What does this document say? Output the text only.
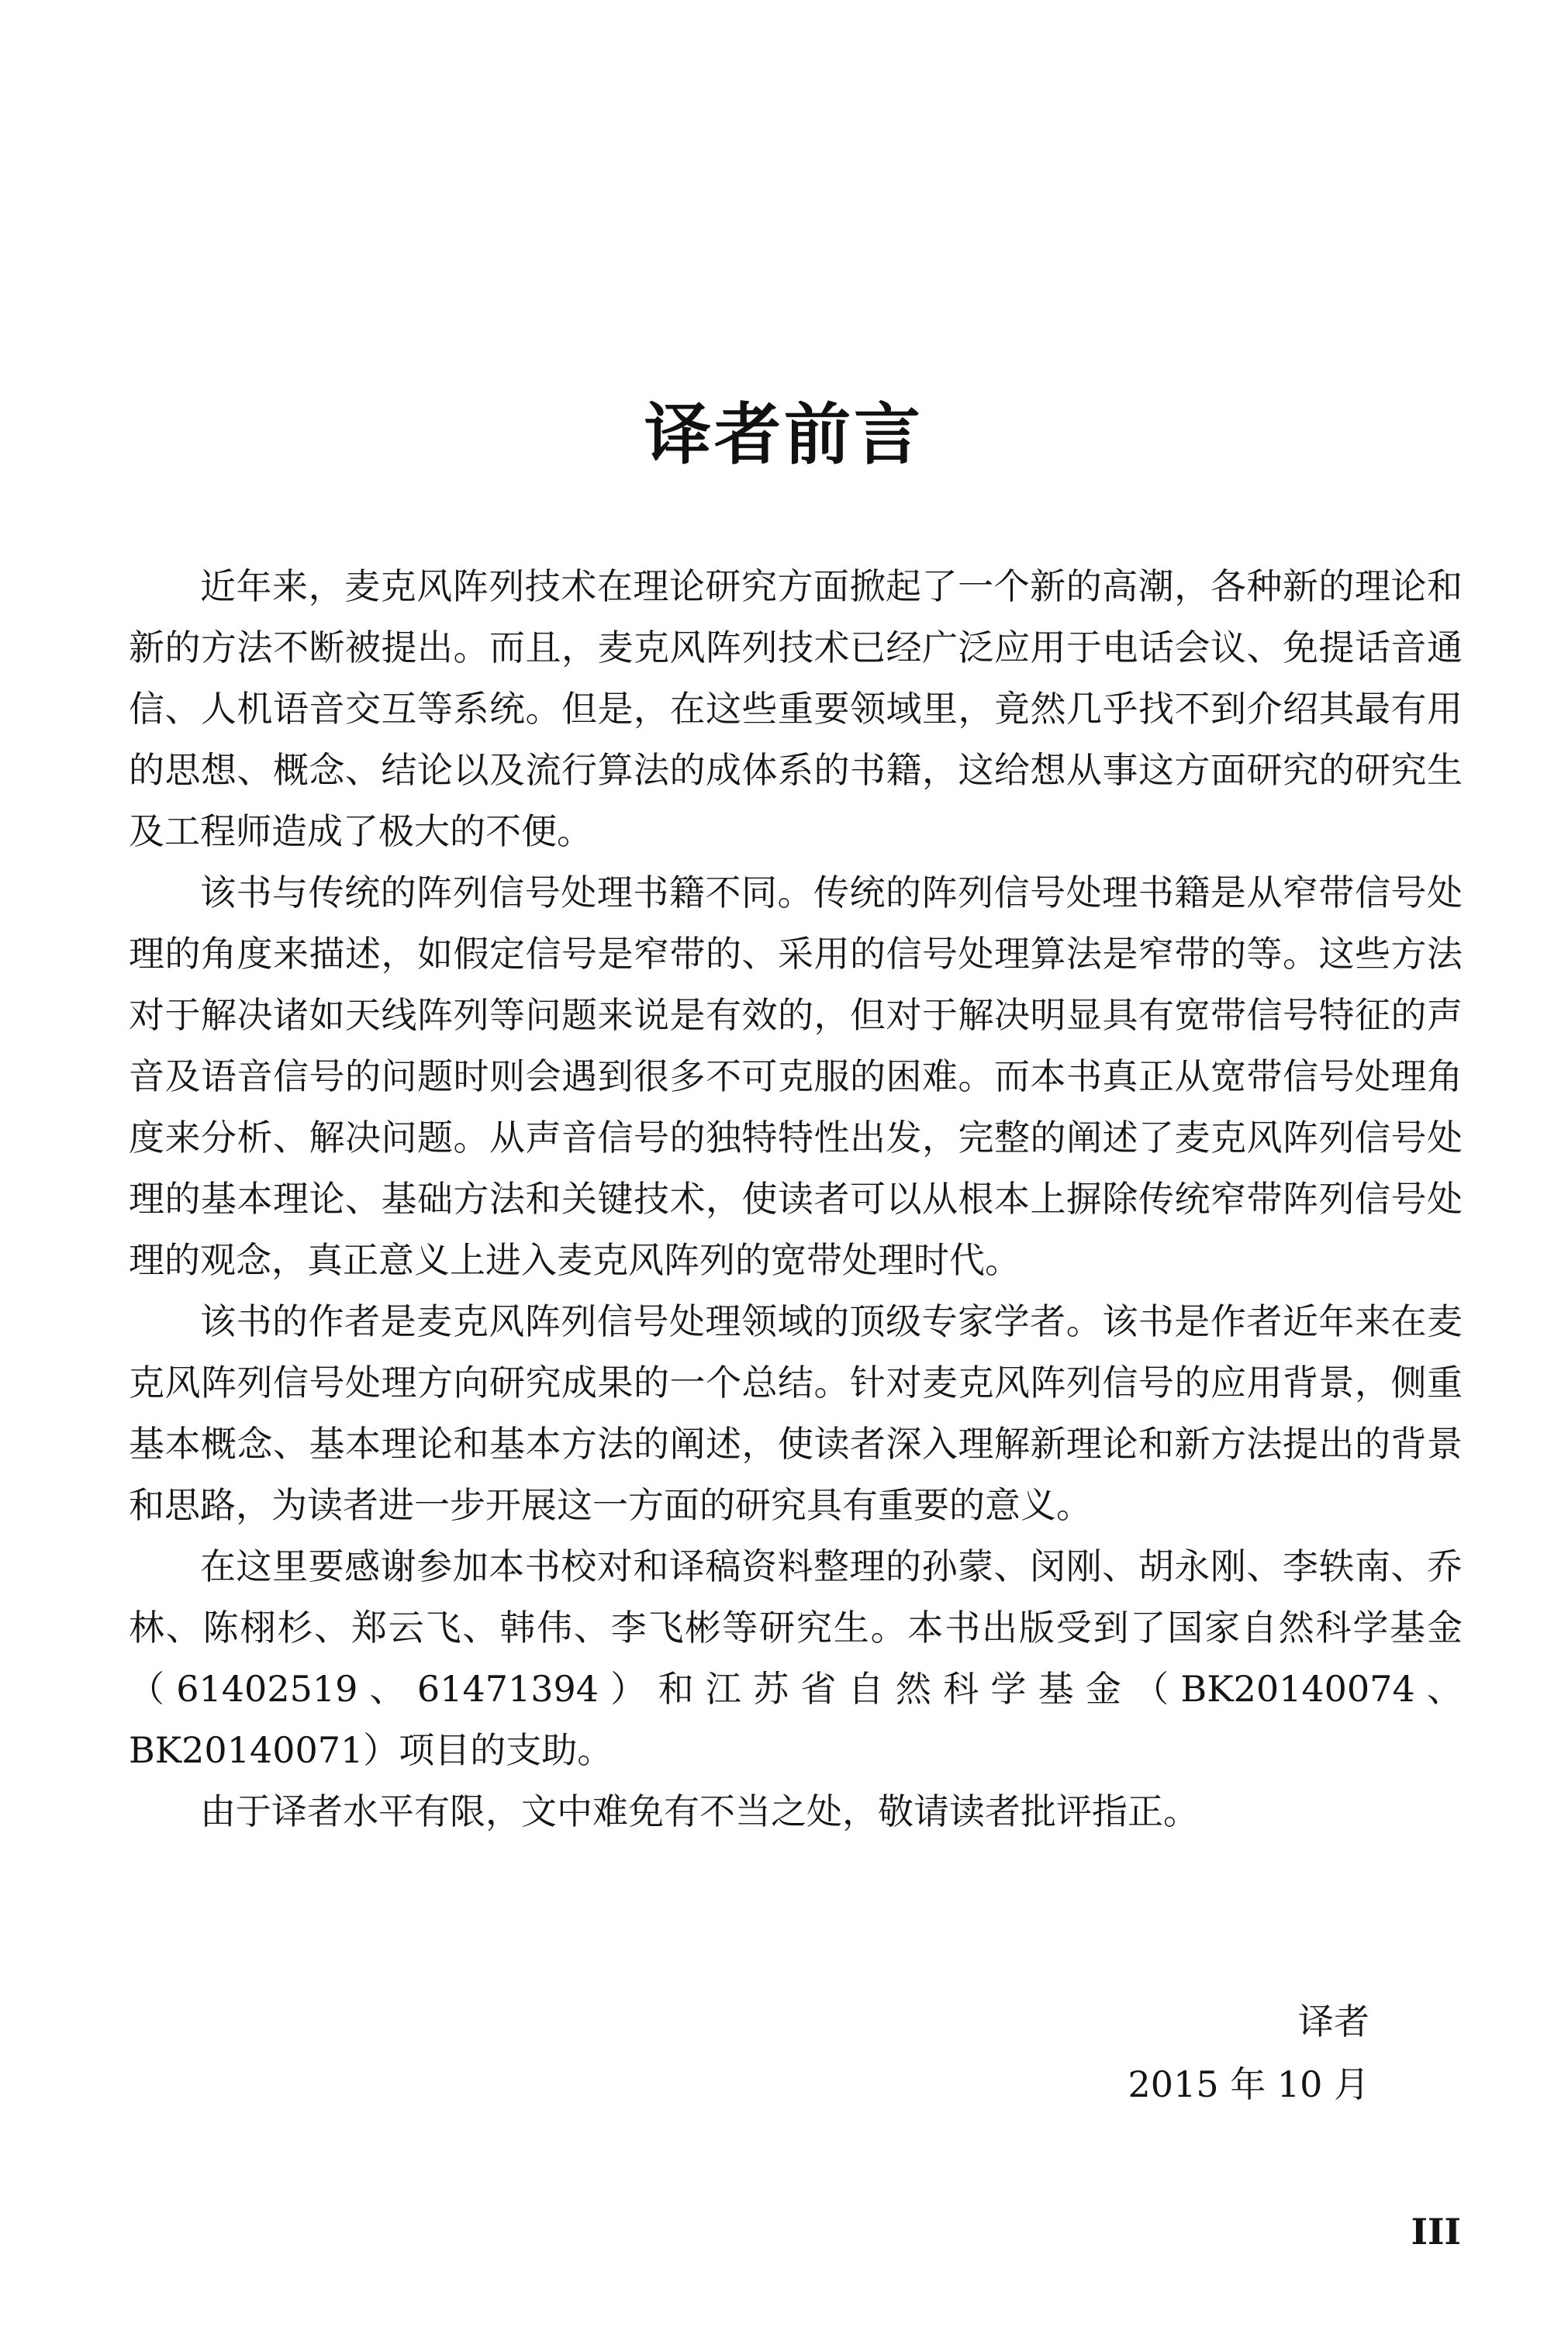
译者前言

近年来，麦克风阵列技术在理论研究方面掀起了一个新的高潮，各种新的理论和新的方法不断被提出。而且，麦克风阵列技术已经广泛应用于电话会议、免提话音通信、人机语音交互等系统。但是，在这些重要领域里，竟然几乎找不到介绍其最有用的思想、概念、结论以及流行算法的成体系的书籍，这给想从事这方面研究的研究生及工程师造成了极大的不便。

该书与传统的阵列信号处理书籍不同。传统的阵列信号处理书籍是从窄带信号处理的角度来描述，如假定信号是窄带的、采用的信号处理算法是窄带的等。这些方法对于解决诸如天线阵列等问题来说是有效的，但对于解决明显具有宽带信号特征的声音及语音信号的问题时则会遇到很多不可克服的困难。而本书真正从宽带信号处理角度来分析、解决问题。从声音信号的独特特性出发，完整的阐述了麦克风阵列信号处理的基本理论、基础方法和关键技术，使读者可以从根本上摒除传统窄带阵列信号处理的观念，真正意义上进入麦克风阵列的宽带处理时代。

该书的作者是麦克风阵列信号处理领域的顶级专家学者。该书是作者近年来在麦克风阵列信号处理方向研究成果的一个总结。针对麦克风阵列信号的应用背景，侧重基本概念、基本理论和基本方法的阐述，使读者深入理解新理论和新方法提出的背景和思路，为读者进一步开展这一方面的研究具有重要的意义。

在这里要感谢参加本书校对和译稿资料整理的孙蒙、闵刚、胡永刚、李轶南、乔林、陈栩杉、郑云飞、韩伟、李飞彬等研究生。本书出版受到了国家自然科学基金（61402519、61471394）和江苏省自然科学基金（BK20140074、BK20140071）项目的支助。

由于译者水平有限，文中难免有不当之处，敬请读者批评指正。

译者
2015 年 10 月
III
